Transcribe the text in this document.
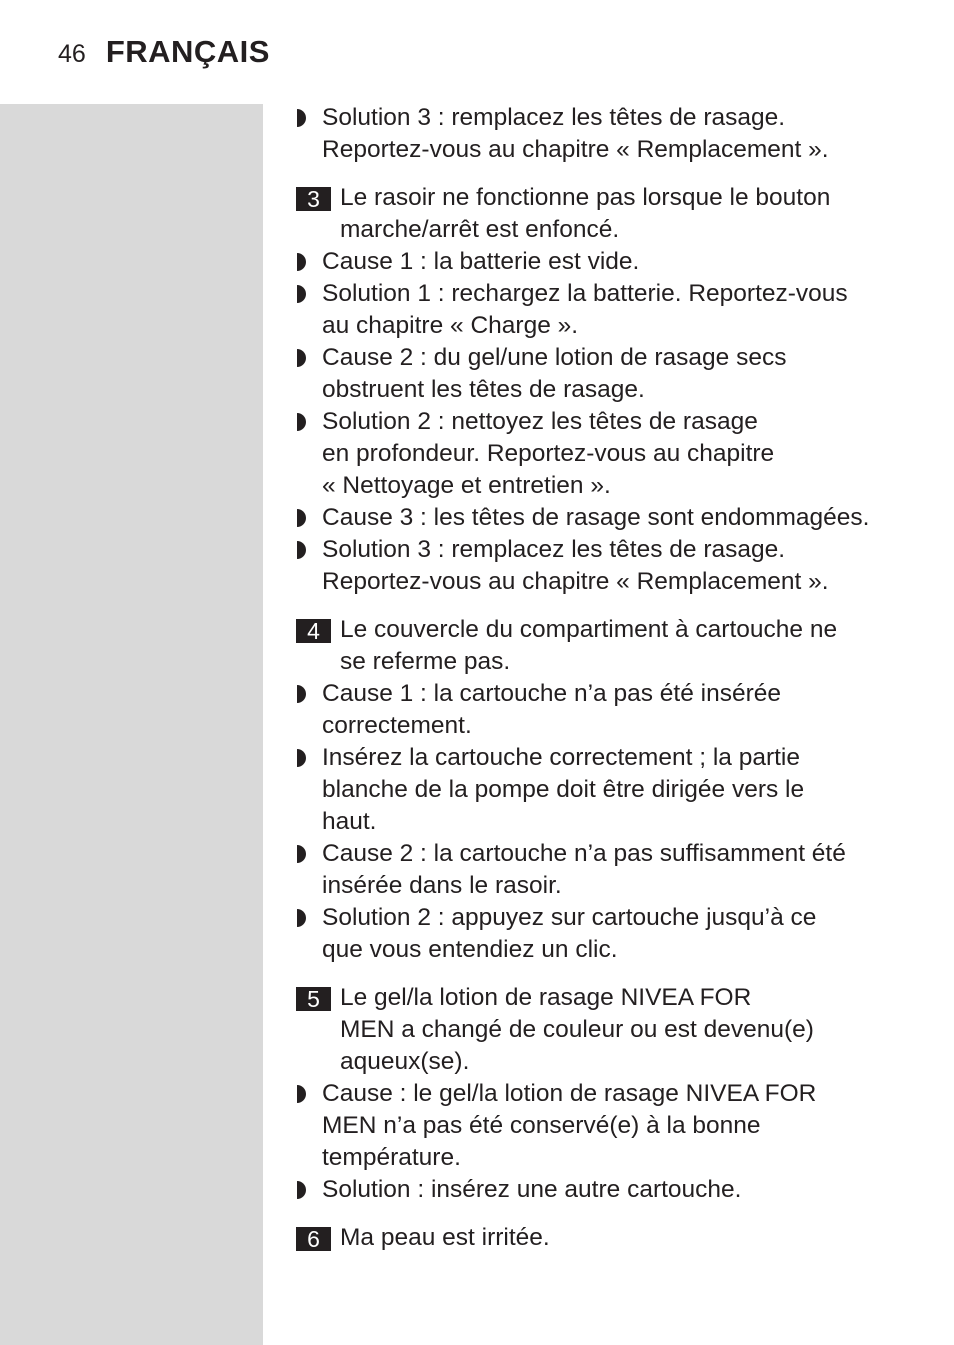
46 FRANÇAIS
Solution 3 : remplacez les têtes de rasage.
Reportez-vous au chapitre « Remplacement ».
3 Le rasoir ne fonctionne pas lorsque le bouton
marche/arrêt est enfoncé.
Cause 1 : la batterie est vide.
Solution 1 : rechargez la batterie. Reportez-vous
au chapitre « Charge ».
Cause 2 : du gel/une lotion de rasage secs
obstruent les têtes de rasage.
Solution 2 : nettoyez les têtes de rasage
en profondeur. Reportez-vous au chapitre
« Nettoyage et entretien ».
Cause 3 : les têtes de rasage sont endommagées.
Solution 3 : remplacez les têtes de rasage.
Reportez-vous au chapitre « Remplacement ».
4 Le couvercle du compartiment à cartouche ne
se referme pas.
Cause 1 : la cartouche n’a pas été insérée
correctement.
Insérez la cartouche correctement ; la partie
blanche de la pompe doit être dirigée vers le
haut.
Cause 2 : la cartouche n’a pas suffisamment été
insérée dans le rasoir.
Solution 2 : appuyez sur cartouche jusqu’à ce
que vous entendiez un clic.
5 Le gel/la lotion de rasage NIVEA FOR
MEN a changé de couleur ou est devenu(e)
aqueux(se).
Cause : le gel/la lotion de rasage NIVEA FOR
MEN n’a pas été conservé(e) à la bonne
température.
Solution : insérez une autre cartouche.
6 Ma peau est irritée.
